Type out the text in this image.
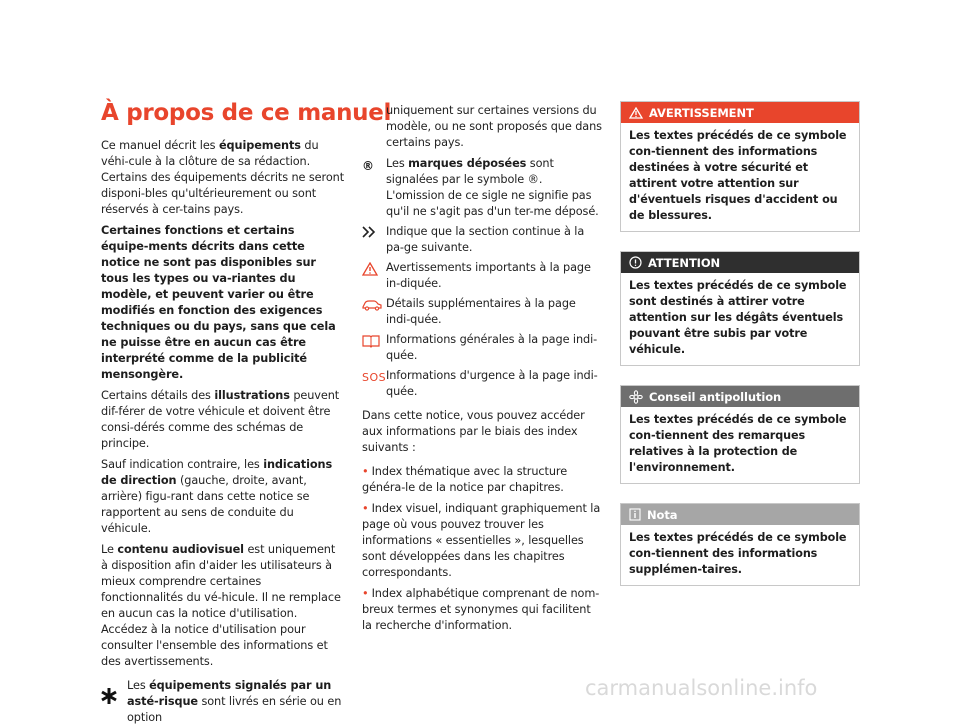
À propos de ce manuel

Ce manuel décrit les équipements du véhi-cule à la clôture de sa rédaction. Certains des équipements décrits ne seront disponi-bles qu'ultérieurement ou sont réservés à cer-tains pays.

Certaines fonctions et certains équipe-ments décrits dans cette notice ne sont pas disponibles sur tous les types ou va-riantes du modèle, et peuvent varier ou être modifiés en fonction des exigences techniques ou du pays, sans que cela ne puisse être en aucun cas être interprété comme de la publicité mensongère.

Certains détails des illustrations peuvent dif-férer de votre véhicule et doivent être consi-dérés comme des schémas de principe.

Sauf indication contraire, les indications de direction (gauche, droite, avant, arrière) figu-rant dans cette notice se rapportent au sens de conduite du véhicule.

Le contenu audiovisuel est uniquement à disposition afin d'aider les utilisateurs à mieux comprendre certaines fonctionnalités du vé-hicule. Il ne remplace en aucun cas la notice d'utilisation. Accédez à la notice d'utilisation pour consulter l'ensemble des informations et des avertissements.

Les équipements signalés par un asté-risque sont livrés en série ou en option

uniquement sur certaines versions du modèle, ou ne sont proposés que dans certains pays.

® Les marques déposées sont signalées par le symbole ®. L'omission de ce sigle ne signifie pas qu'il ne s'agit pas d'un ter-me déposé.
Indique que la section continue à la pa-ge suivante.
Avertissements importants à la page in-diquée.
Détails supplémentaires à la page indi-quée.
Informations générales à la page indi-quée.
SOS Informations d'urgence à la page indi-quée.

Dans cette notice, vous pouvez accéder aux informations par le biais des index suivants :

• Index thématique avec la structure généra-le de la notice par chapitres.

• Index visuel, indiquant graphiquement la page où vous pouvez trouver les informations « essentielles », lesquelles sont développées dans les chapitres correspondants.

• Index alphabétique comprenant de nom-breux termes et synonymes qui facilitent la recherche d'information.

AVERTISSEMENT
Les textes précédés de ce symbole con-tiennent des informations destinées à votre sécurité et attirent votre attention sur d'éventuels risques d'accident ou de blessures.
ATTENTION
Les textes précédés de ce symbole sont destinés à attirer votre attention sur les dégâts éventuels pouvant être subis par votre véhicule.
Conseil antipollution
Les textes précédés de ce symbole con-tiennent des remarques relatives à la protection de l'environnement.
Nota
Les textes précédés de ce symbole con-tiennent des informations supplémen-taires.
carmanualsonline.info
